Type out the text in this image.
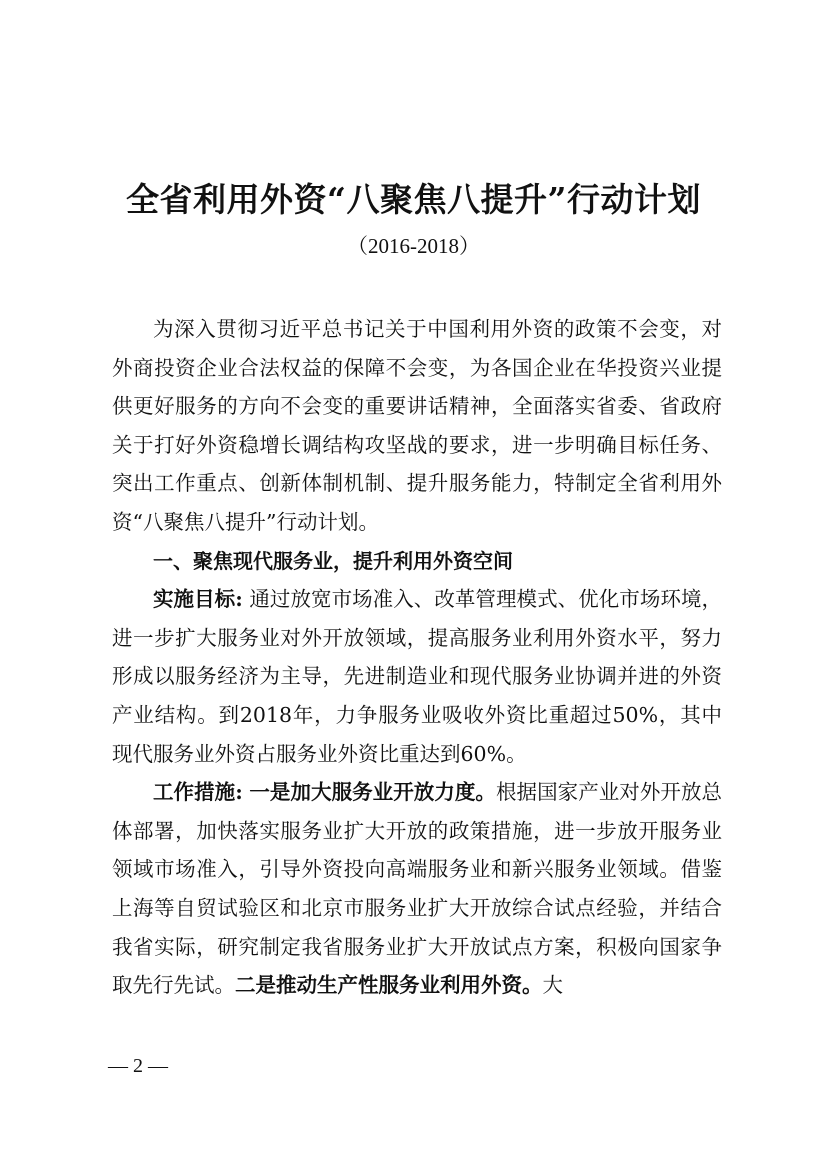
全省利用外资“八聚焦八提升”行动计划
（2016-2018）

为深入贯彻习近平总书记关于中国利用外资的政策不会变，对外商投资企业合法权益的保障不会变，为各国企业在华投资兴业提供更好服务的方向不会变的重要讲话精神，全面落实省委、省政府关于打好外资稳增长调结构攻坚战的要求，进一步明确目标任务、突出工作重点、创新体制机制、提升服务能力，特制定全省利用外资“八聚焦八提升”行动计划。

一、聚焦现代服务业，提升利用外资空间

实施目标: 通过放宽市场准入、改革管理模式、优化市场环境，进一步扩大服务业对外开放领域，提高服务业利用外资水平，努力形成以服务经济为主导，先进制造业和现代服务业协调并进的外资产业结构。到2018年，力争服务业吸收外资比重超过50%，其中现代服务业外资占服务业外资比重达到60%。

工作措施: 一是加大服务业开放力度。根据国家产业对外开放总体部署，加快落实服务业扩大开放的政策措施，进一步放开服务业领域市场准入，引导外资投向高端服务业和新兴服务业领域。借鉴上海等自贸试验区和北京市服务业扩大开放综合试点经验，并结合我省实际，研究制定我省服务业扩大开放试点方案，积极向国家争取先行先试。二是推动生产性服务业利用外资。大

— 2 —
